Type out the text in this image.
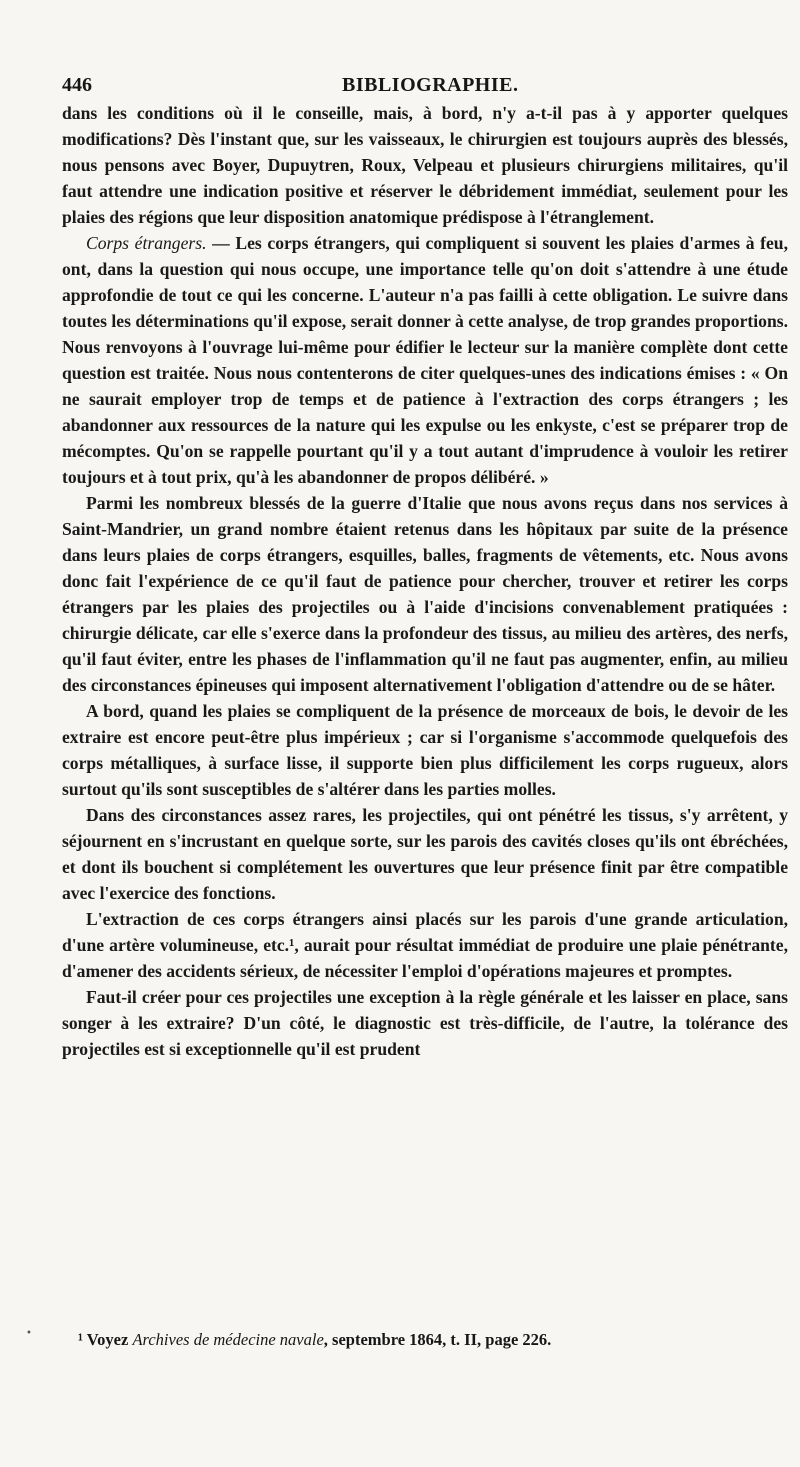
446	BIBLIOGRAPHIE.

dans les conditions où il le conseille, mais, à bord, n'y a-t-il pas à y apporter quelques modifications? Dès l'instant que, sur les vaisseaux, le chirurgien est toujours auprès des blessés, nous pensons avec Boyer, Dupuytren, Roux, Velpeau et plusieurs chirurgiens militaires, qu'il faut attendre une indication positive et réserver le débridement immédiat, seulement pour les plaies des régions que leur disposition anatomique prédispose à l'étranglement.

Corps étrangers. — Les corps étrangers, qui compliquent si souvent les plaies d'armes à feu, ont, dans la question qui nous occupe, une importance telle qu'on doit s'attendre à une étude approfondie de tout ce qui les concerne. L'auteur n'a pas failli à cette obligation. Le suivre dans toutes les déterminations qu'il expose, serait donner à cette analyse, de trop grandes proportions. Nous renvoyons à l'ouvrage lui-même pour édifier le lecteur sur la manière complète dont cette question est traitée. Nous nous contenterons de citer quelques-unes des indications émises : « On ne saurait employer trop de temps et de patience à l'extraction des corps étrangers ; les abandonner aux ressources de la nature qui les expulse ou les enkyste, c'est se préparer trop de mécomptes. Qu'on se rappelle pourtant qu'il y a tout autant d'imprudence à vouloir les retirer toujours et à tout prix, qu'à les abandonner de propos délibéré. »

Parmi les nombreux blessés de la guerre d'Italie que nous avons reçus dans nos services à Saint-Mandrier, un grand nombre étaient retenus dans les hôpitaux par suite de la présence dans leurs plaies de corps étrangers, esquilles, balles, fragments de vêtements, etc. Nous avons donc fait l'expérience de ce qu'il faut de patience pour chercher, trouver et retirer les corps étrangers par les plaies des projectiles ou à l'aide d'incisions convenablement pratiquées : chirurgie délicate, car elle s'exerce dans la profondeur des tissus, au milieu des artères, des nerfs, qu'il faut éviter, entre les phases de l'inflammation qu'il ne faut pas augmenter, enfin, au milieu des circonstances épineuses qui imposent alternativement l'obligation d'attendre ou de se hâter.

A bord, quand les plaies se compliquent de la présence de morceaux de bois, le devoir de les extraire est encore peut-être plus impérieux ; car si l'organisme s'accommode quelquefois des corps métalliques, à surface lisse, il supporte bien plus difficilement les corps rugueux, alors surtout qu'ils sont susceptibles de s'altérer dans les parties molles.

Dans des circonstances assez rares, les projectiles, qui ont pénétré les tissus, s'y arrêtent, y séjournent en s'incrustant en quelque sorte, sur les parois des cavités closes qu'ils ont ébréchées, et dont ils bouchent si complétement les ouvertures que leur présence finit par être compatible avec l'exercice des fonctions.

L'extraction de ces corps étrangers ainsi placés sur les parois d'une grande articulation, d'une artère volumineuse, etc.¹, aurait pour résultat immédiat de produire une plaie pénétrante, d'amener des accidents sérieux, de nécessiter l'emploi d'opérations majeures et promptes.

Faut-il créer pour ces projectiles une exception à la règle générale et les laisser en place, sans songer à les extraire? D'un côté, le diagnostic est très-difficile, de l'autre, la tolérance des projectiles est si exceptionnelle qu'il est prudent

•	¹ Voyez Archives de médecine navale, septembre 1864, t. II, page 226.
